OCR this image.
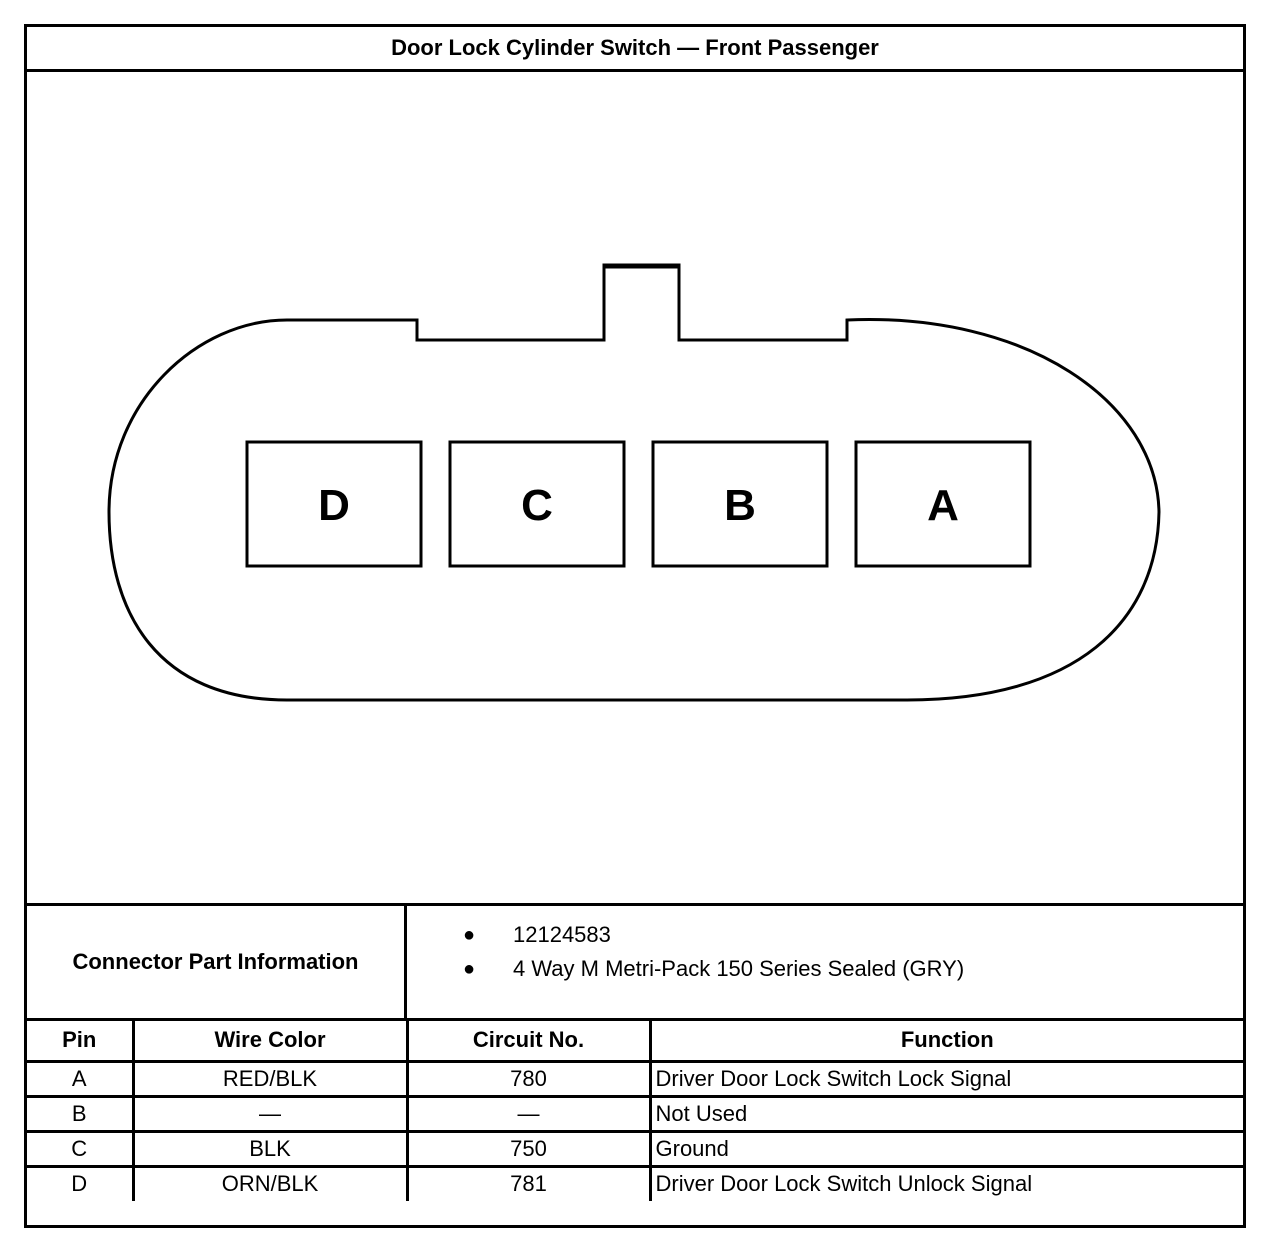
Door Lock Cylinder Switch — Front Passenger
D	C	B	A
Connector Part Information
● 12124583
● 4 Way M Metri-Pack 150 Series Sealed (GRY)
Pin	Wire Color	Circuit No.	Function
A	RED/BLK	780	Driver Door Lock Switch Lock Signal
B	—	—	Not Used
C	BLK	750	Ground
D	ORN/BLK	781	Driver Door Lock Switch Unlock Signal
